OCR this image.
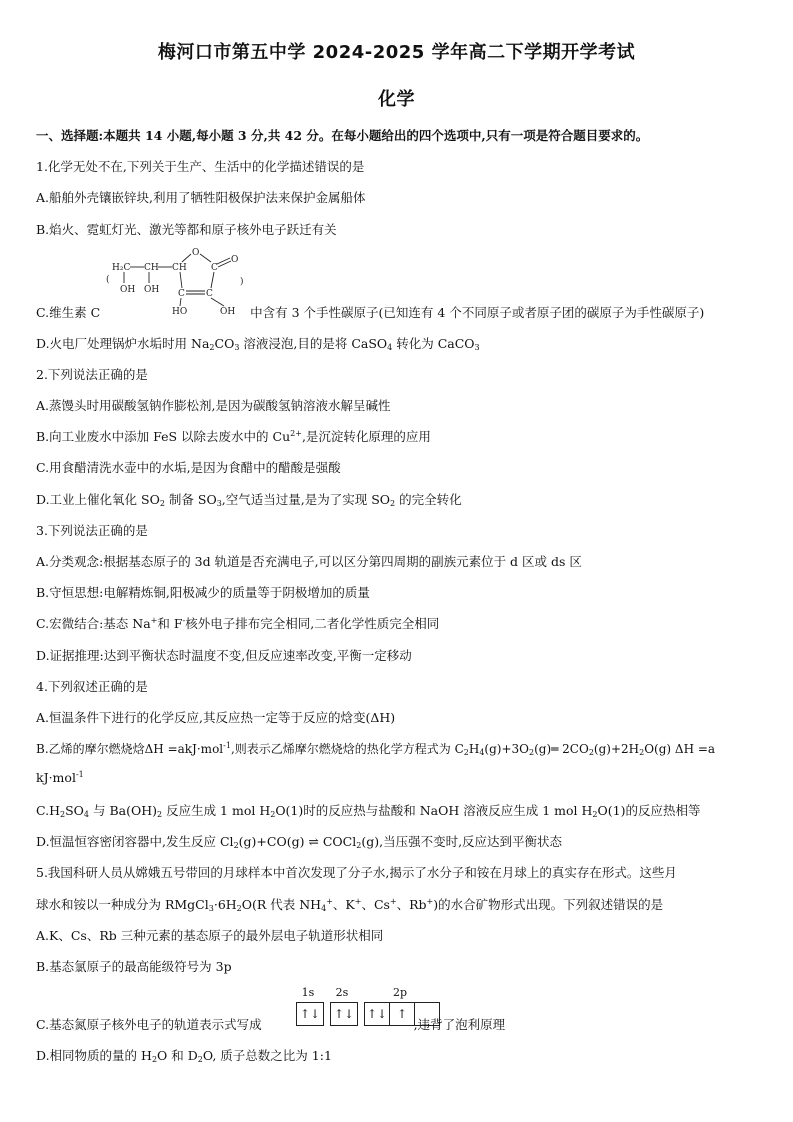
梅河口市第五中学 2024-2025 学年高二下学期开学考试
化学
一、选择题:本题共 14 小题,每小题 3 分,共 42 分。在每小题给出的四个选项中,只有一项是符合题目要求的。
1.化学无处不在,下列关于生产、生活中的化学描述错误的是
A.船舶外壳镶嵌锌块,利用了牺牲阳极保护法来保护金属船体
B.焰火、霓虹灯光、激光等都和原子核外电子跃迁有关
(
H₂C CH CH
O
C
O
)
OH OH C C
HO	OH
C.维生素 C	中含有 3 个手性碳原子(已知连有 4 个不同原子或者原子团的碳原子为手性碳原子)
D.火电厂处理锅炉水垢时用 $Na_2CO_3$ 溶液浸泡,目的是将 CaSO$_4$ 转化为 CaCO$_3$
2.下列说法正确的是
A.蒸馒头时用碳酸氢钠作膨松剂,是因为碳酸氢钠溶液水解呈碱性
B.向工业废水中添加 FeS 以除去废水中的 $Cu^{2+}$,是沉淀转化原理的应用
C.用食醋清洗水壶中的水垢,是因为食醋中的醋酸是强酸
D.工业上催化氧化 $SO_2$ 制备 $SO_3$,空气适当过量,是为了实现 $SO_2$ 的完全转化
3.下列说法正确的是
A.分类观念:根据基态原子的 3d 轨道是否充满电子,可以区分第四周期的副族元素位于 d 区或 ds 区
B.守恒思想:电解精炼铜,阳极减少的质量等于阴极增加的质量
C.宏微结合:基态 Na+和 F-核外电子排布完全相同,二者化学性质完全相同
D.证据推理:达到平衡状态时温度不变,但反应速率改变,平衡一定移动
4.下列叙述正确的是
A.恒温条件下进行的化学反应,其反应热一定等于反应的焓变(ΔH)
B.乙烯的摩尔燃烧焓ΔH =akJ·mol$^{-1}$,则表示乙烯摩尔燃烧焓的热化学方程式为 $C_2H_4(g)+3O_2(g)═$ $2CO_2(g)+2H_2O(g)$ ΔH =a
kJ·mol$^{-1}$
$C.H_2SO_4$ 与 $Ba(OH)_2$ 反应生成 1 mol $H_2O(1)$时的反应热与盐酸和 NaOH 溶液反应生成 1 mol $H_2O(1)$的反应热相等
D.恒温恒容密闭容器中,发生反应 $Cl_2(g)+CO(g)$ ⇌ COCl$_2$(g),当压强不变时,反应达到平衡状态
5.我国科研人员从嫦娥五号带回的月球样本中首次发现了分子水,揭示了水分子和铵在月球上的真实存在形式。这些月
球水和铵以一种成分为 $RMgCl_3\cdot 6H_2O(R$ 代表 $NH_4^+$、K+、Cs+、Rb+)的水合矿物形式出现。下列叙述错误的是
A.K、Cs、Rb 三种元素的基态原子的最外层电子轨道形状相同
B.基态氯原子的最高能级符号为 3p
1s	2s	2p
↑↓ ↑↓ ↑↓ ↑
C.基态氮原子核外电子的轨道表示式写成	,违背了泡利原理
D.相同物质的量的 $H_2O$ 和 $D_2O$, 质子总数之比为 1:1
